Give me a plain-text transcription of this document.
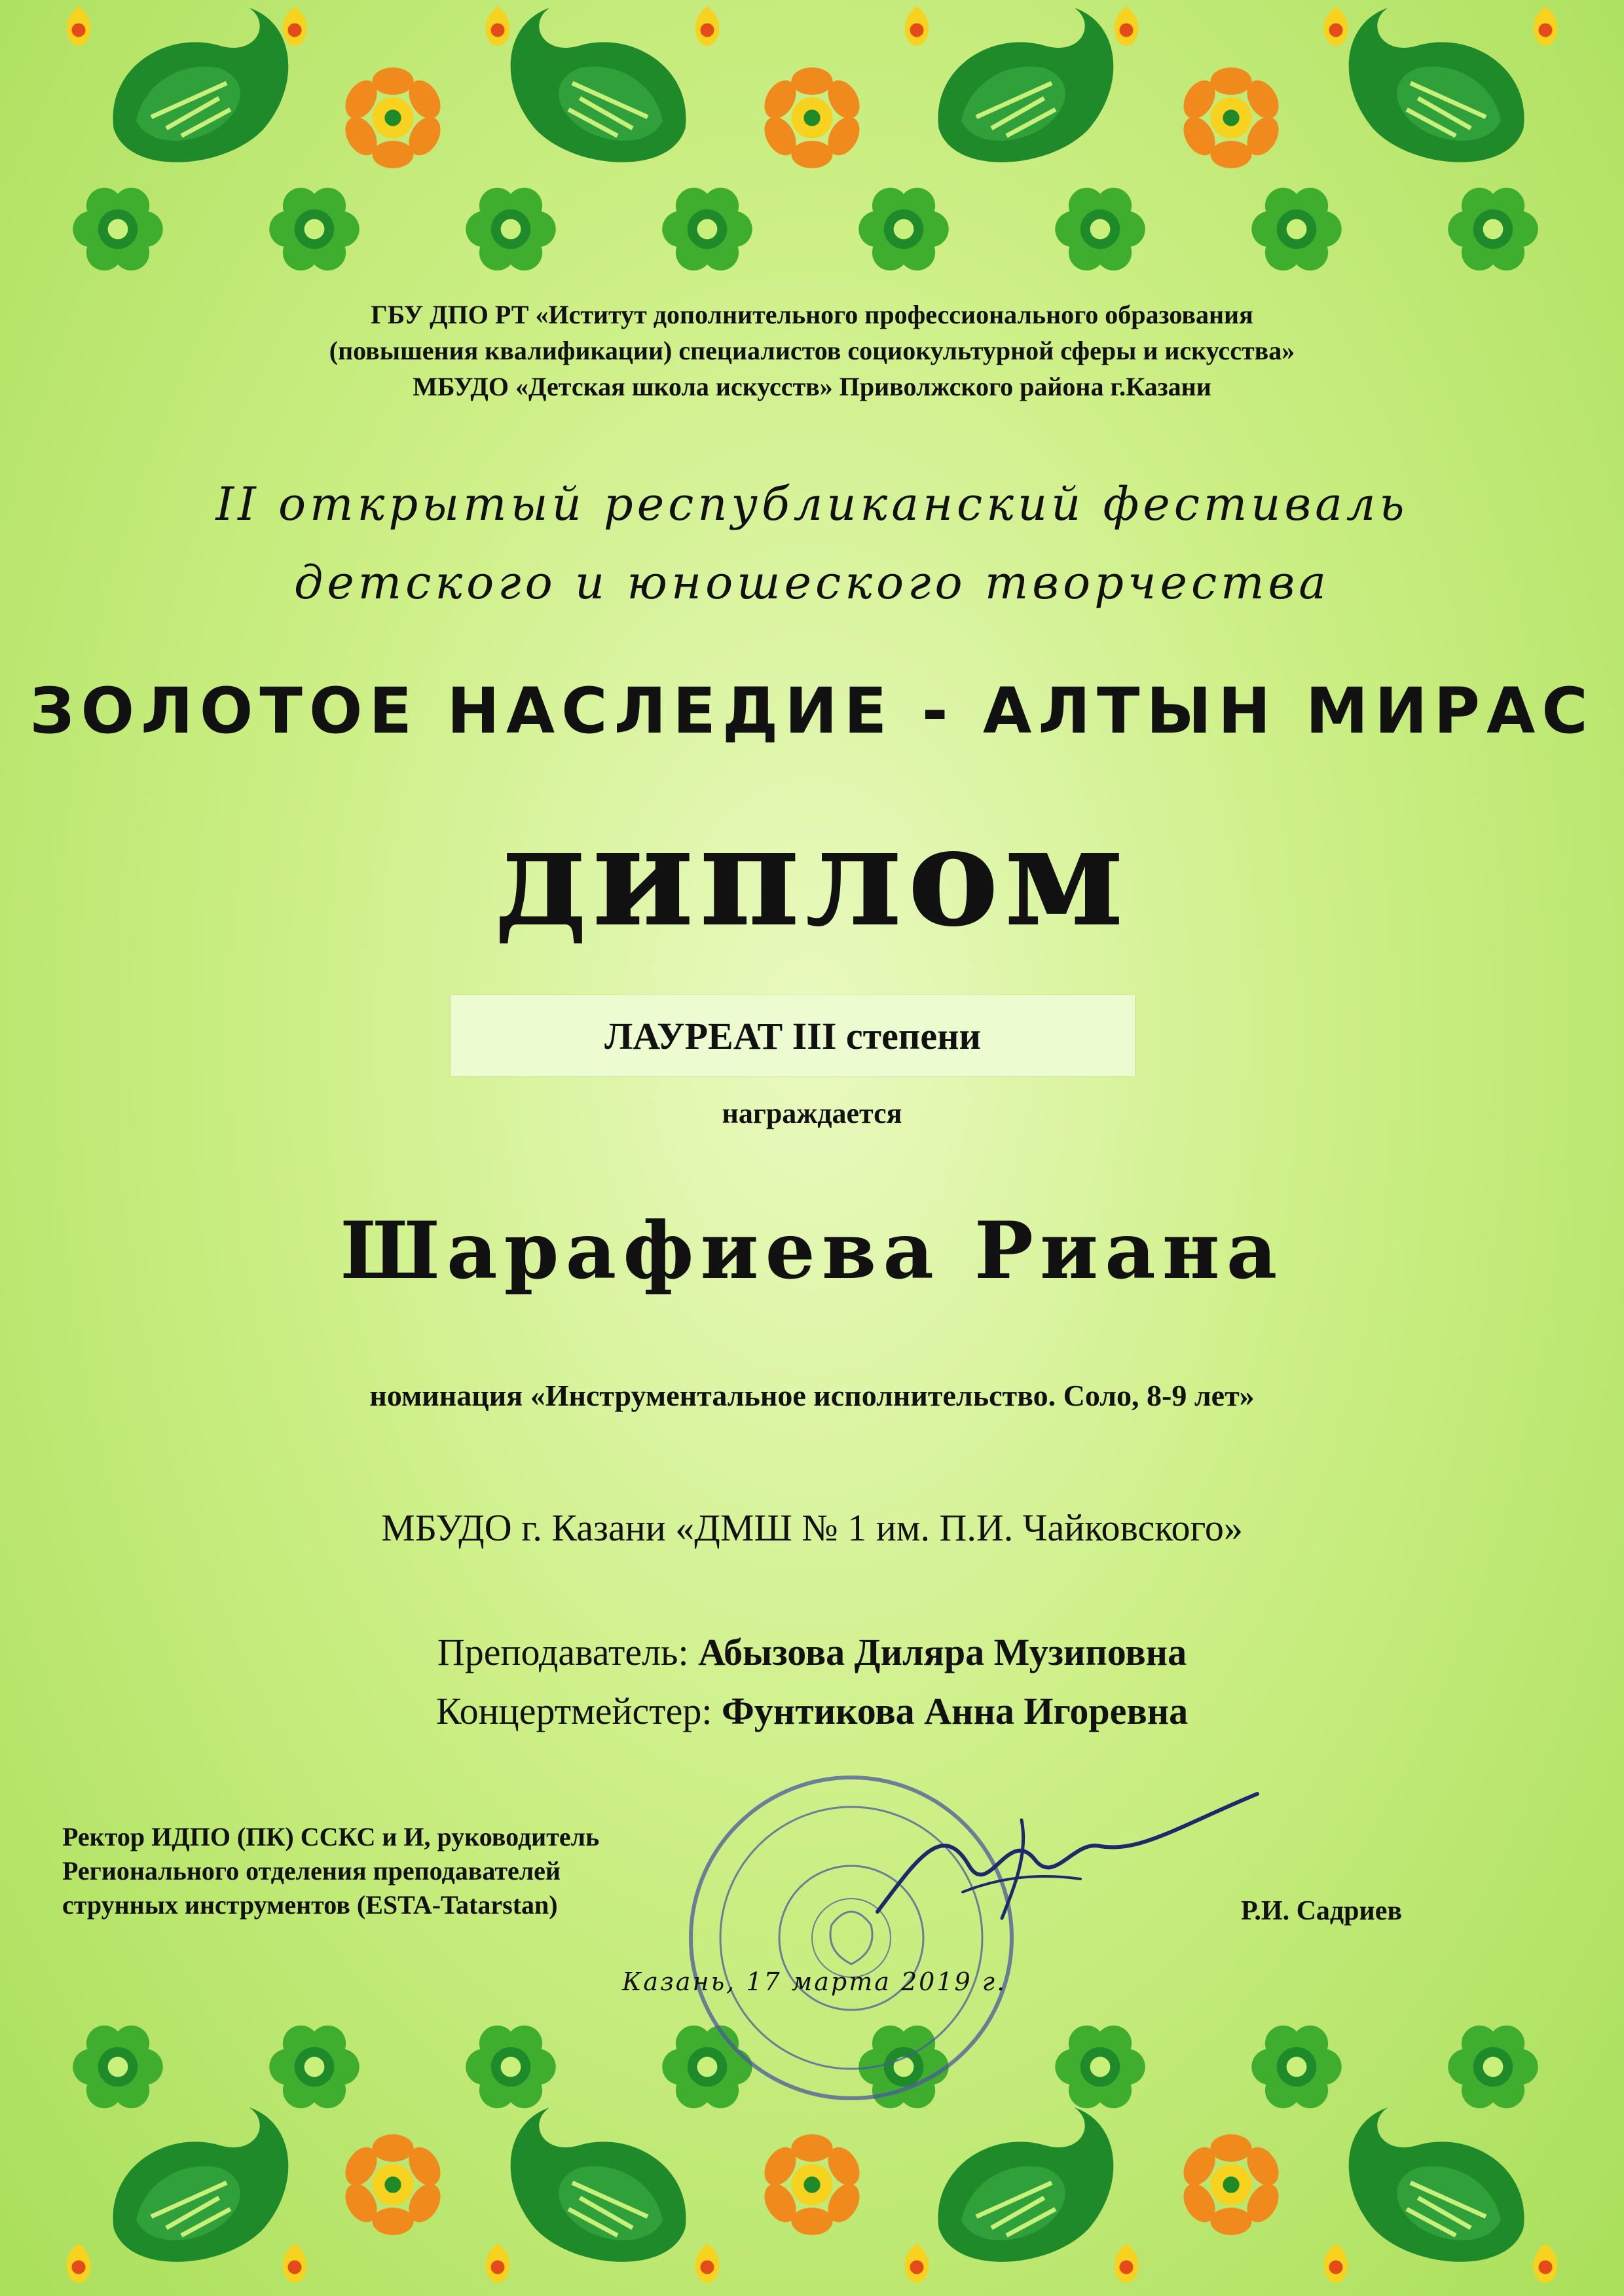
ГБУ ДПО РТ «Иститут дополнительного профессионального образования
(повышения квалификации) специалистов социокультурной сферы и искусства»
МБУДО «Детская школа искусств» Приволжского района г.Казани
II открытый республиканский фестиваль
детского и юношеского творчества
ЗОЛОТОЕ НАСЛЕДИЕ - АЛТЫН МИРАС
диплом
ЛАУРЕАТ III степени
награждается
Шарафиева Риана
номинация «Инструментальное исполнительство. Соло, 8-9 лет»
МБУДО г. Казани «ДМШ № 1 им. П.И. Чайковского»
Преподаватель: Абызова Диляра Музиповна
Концертмейстер: Фунтикова Анна Игоревна
Ректор ИДПО (ПК) ССКС и И, руководитель
Регионального отделения преподавателей
струнных инструментов (ESTA-Tatarstan)	Р.И. Садриев
Казань, 17 марта 2019 г.
